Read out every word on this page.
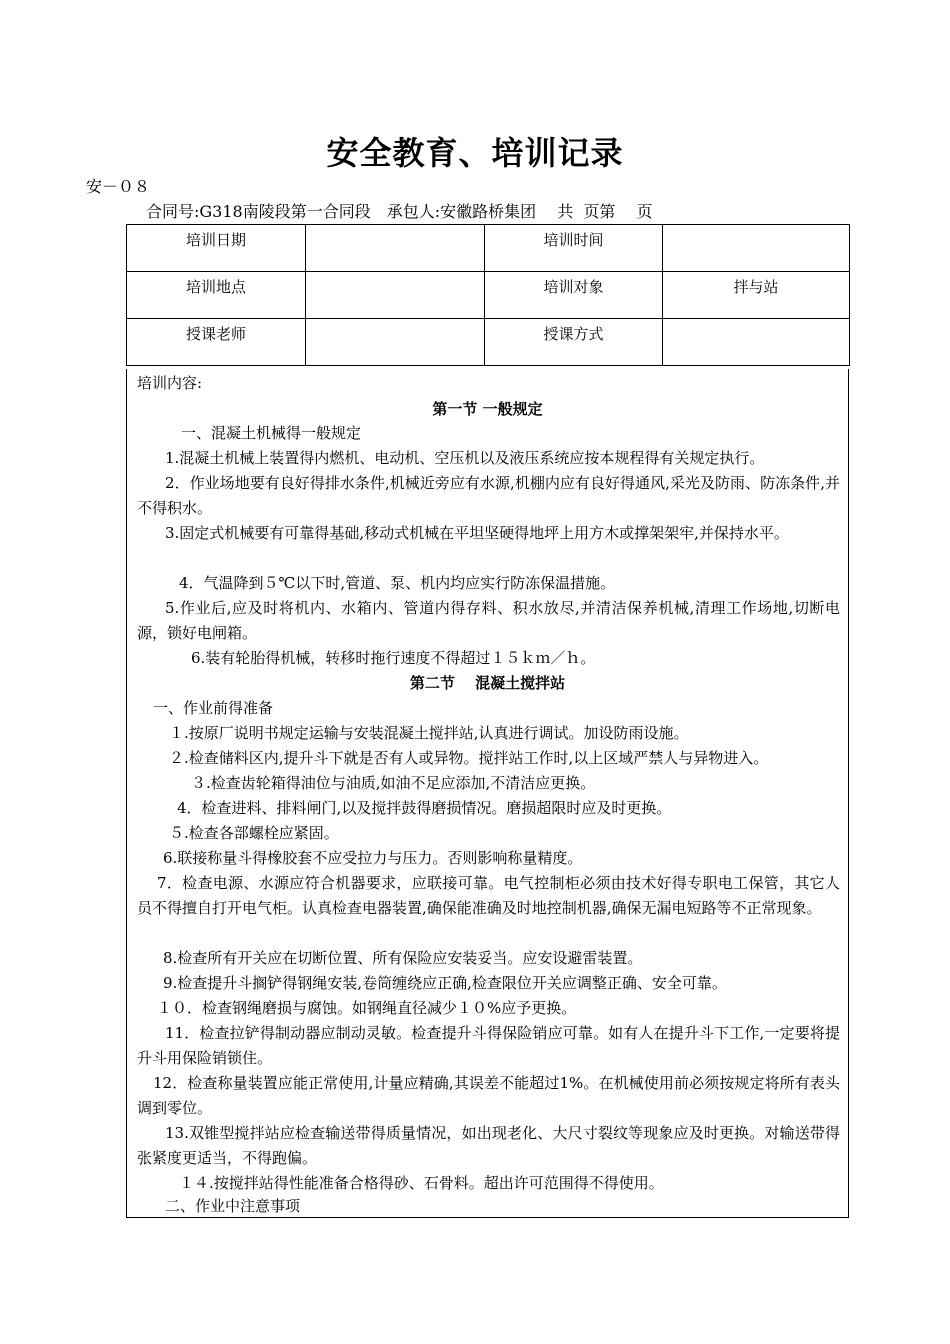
安全教育、培训记录
安－０８
合同号:G318南陵段第一合同段　承包人:安徽路桥集团　 共  页第　 页
培训日期		培训时间	
培训地点		培训对象	拌与站
授课老师		授课方式	
培训内容:
第一节 一般规定
一、混凝土机械得一般规定
1.混凝土机械上装置得内燃机、电动机、空压机以及液压系统应按本规程得有关规定执行。
2．作业场地要有良好得排水条件,机械近旁应有水源,机棚内应有良好得通风,采光及防雨、防冻条件,并不得积水。
3.固定式机械要有可靠得基础,移动式机械在平坦坚硬得地坪上用方木或撑架架牢,并保持水平。
4．气温降到５℃以下时,管道、泵、机内均应实行防冻保温措施。
5.作业后,应及时将机内、水箱内、管道内得存料、积水放尽,并清洁保养机械,清理工作场地,切断电源，锁好电闸箱。
6.装有轮胎得机械，转移时拖行速度不得超过１５ｋｍ／ｈ。
第二节　 混凝土搅拌站
一、作业前得准备
１.按原厂说明书规定运输与安装混凝土搅拌站,认真进行调试。加设防雨设施。
２.检查储料区内,提升斗下就是否有人或异物。搅拌站工作时,以上区域严禁人与异物进入。
３.检查齿轮箱得油位与油质,如油不足应添加,不清洁应更换。
4．检查进料、排料闸门,以及搅拌鼓得磨损情况。磨损超限时应及时更换。
５.检查各部螺栓应紧固。
6.联接称量斗得橡胶套不应受拉力与压力。否则影响称量精度。
7．检查电源、水源应符合机器要求，应联接可靠。电气控制柜必须由技术好得专职电工保管，其它人员不得擅自打开电气柜。认真检查电器装置,确保能准确及时地控制机器,确保无漏电短路等不正常现象。
8.检查所有开关应在切断位置、所有保险应安装妥当。应安设避雷装置。
9.检查提升斗搁铲得钢绳安装,卷筒缠绕应正确,检查限位开关应调整正确、安全可靠。
１０．检查钢绳磨损与腐蚀。如钢绳直径减少１０%应予更换。
11．检查拉铲得制动器应制动灵敏。检查提升斗得保险销应可靠。如有人在提升斗下工作,一定要将提升斗用保险销锁住。
12．检查称量装置应能正常使用,计量应精确,其误差不能超过1%。在机械使用前必须按规定将所有表头调到零位。
13.双锥型搅拌站应检查输送带得质量情况，如出现老化、大尺寸裂纹等现象应及时更换。对输送带得张紧度更适当，不得跑偏。
１４.按搅拌站得性能准备合格得砂、石骨料。超出许可范围得不得使用。
二、作业中注意事项
